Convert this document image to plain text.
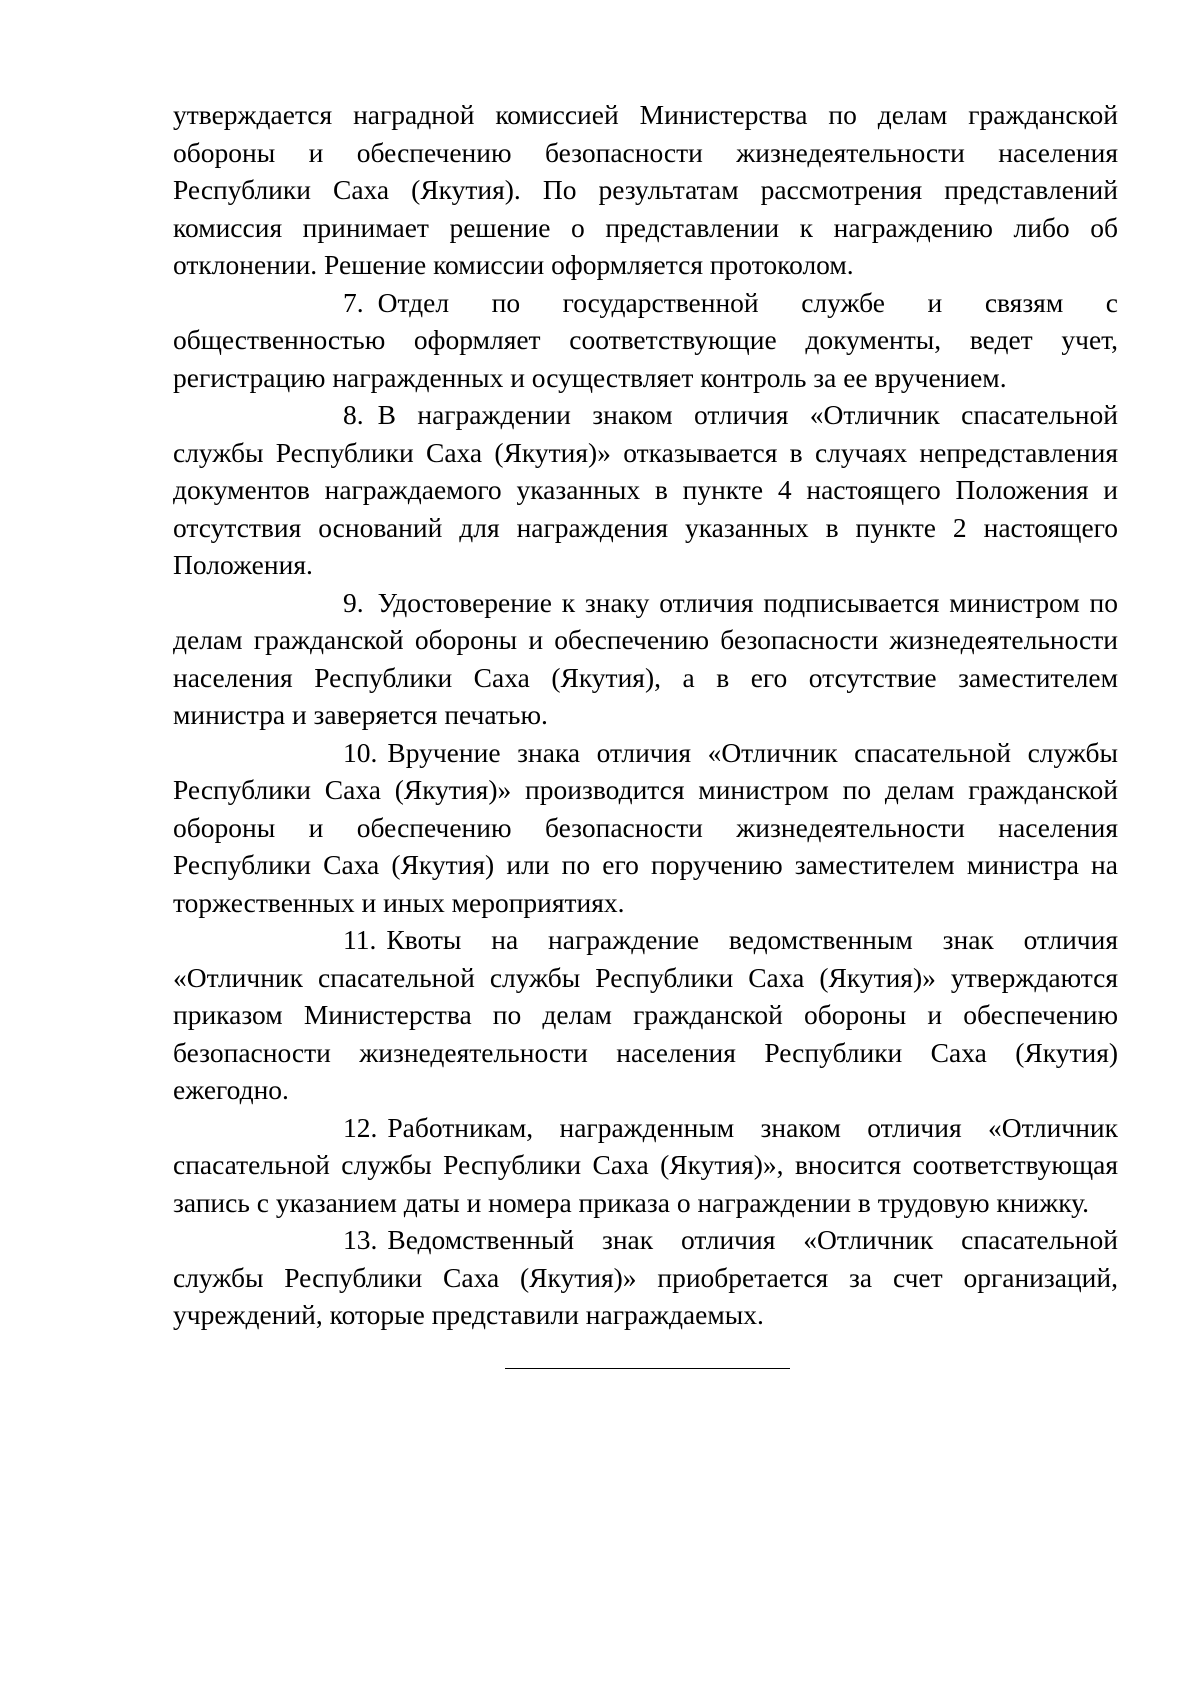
утверждается наградной комиссией Министерства по делам гражданской обороны и обеспечению безопасности жизнедеятельности населения Республики Саха (Якутия). По результатам рассмотрения представлений комиссия принимает решение о представлении к награждению либо об отклонении. Решение комиссии оформляется протоколом.

7. Отдел по государственной службе и связям с общественностью оформляет соответствующие документы, ведет учет, регистрацию награжденных и осуществляет контроль за ее вручением.

8. В награждении знаком отличия «Отличник спасательной службы Республики Саха (Якутия)» отказывается в случаях непредставления документов награждаемого указанных в пункте 4 настоящего Положения и отсутствия оснований для награждения указанных в пункте 2 настоящего Положения.

9. Удостоверение к знаку отличия подписывается министром по делам гражданской обороны и обеспечению безопасности жизнедеятельности населения Республики Саха (Якутия), а в его отсутствие заместителем министра и заверяется печатью.

10. Вручение знака отличия «Отличник спасательной службы Республики Саха (Якутия)» производится министром по делам гражданской обороны и обеспечению безопасности жизнедеятельности населения Республики Саха (Якутия) или по его поручению заместителем министра на торжественных и иных мероприятиях.

11. Квоты на награждение ведомственным знак отличия «Отличник спасательной службы Республики Саха (Якутия)» утверждаются приказом Министерства по делам гражданской обороны и обеспечению безопасности жизнедеятельности населения Республики Саха (Якутия) ежегодно.

12. Работникам, награжденным знаком отличия «Отличник спасательной службы Республики Саха (Якутия)», вносится соответствующая запись с указанием даты и номера приказа о награждении в трудовую книжку.

13. Ведомственный знак отличия «Отличник спасательной службы Республики Саха (Якутия)» приобретается за счет организаций, учреждений, которые представили награждаемых.
